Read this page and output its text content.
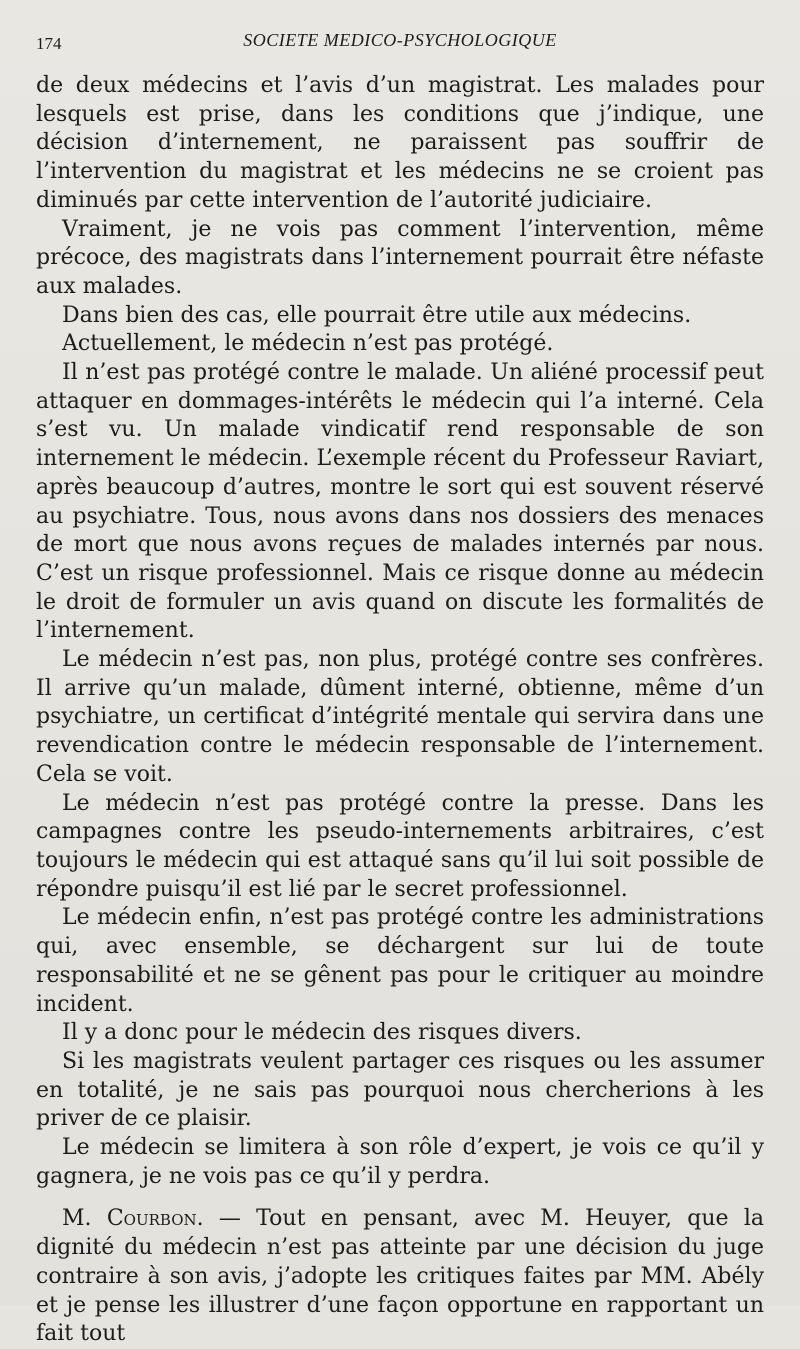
174	SOCIETE MEDICO-PSYCHOLOGIQUE

de deux médecins et l’avis d’un magistrat. Les malades pour lesquels est prise, dans les conditions que j’indique, une décision d’internement, ne paraissent pas souffrir de l’intervention du magistrat et les médecins ne se croient pas diminués par cette intervention de l’autorité judiciaire.

Vraiment, je ne vois pas comment l’intervention, même précoce, des magistrats dans l’internement pourrait être néfaste aux malades.

Dans bien des cas, elle pourrait être utile aux médecins.

Actuellement, le médecin n’est pas protégé.

Il n’est pas protégé contre le malade. Un aliéné processif peut attaquer en dommages-intérêts le médecin qui l’a interné. Cela s’est vu. Un malade vindicatif rend responsable de son internement le médecin. L’exemple récent du Professeur Raviart, après beaucoup d’autres, montre le sort qui est souvent réservé au psychiatre. Tous, nous avons dans nos dossiers des menaces de mort que nous avons reçues de malades internés par nous. C’est un risque professionnel. Mais ce risque donne au médecin le droit de formuler un avis quand on discute les formalités de l’internement.

Le médecin n’est pas, non plus, protégé contre ses confrères. Il arrive qu’un malade, dûment interné, obtienne, même d’un psychiatre, un certificat d’intégrité mentale qui servira dans une revendication contre le médecin responsable de l’internement. Cela se voit.

Le médecin n’est pas protégé contre la presse. Dans les campagnes contre les pseudo-internements arbitraires, c’est toujours le médecin qui est attaqué sans qu’il lui soit possible de répondre puisqu’il est lié par le secret professionnel.

Le médecin enfin, n’est pas protégé contre les administrations qui, avec ensemble, se déchargent sur lui de toute responsabilité et ne se gênent pas pour le critiquer au moindre incident.

Il y a donc pour le médecin des risques divers.

Si les magistrats veulent partager ces risques ou les assumer en totalité, je ne sais pas pourquoi nous chercherions à les priver de ce plaisir.

Le médecin se limitera à son rôle d’expert, je vois ce qu’il y gagnera, je ne vois pas ce qu’il y perdra.

M. Courbon. — Tout en pensant, avec M. Heuyer, que la dignité du médecin n’est pas atteinte par une décision du juge contraire à son avis, j’adopte les critiques faites par MM. Abély et je pense les illustrer d’une façon opportune en rapportant un fait tout
